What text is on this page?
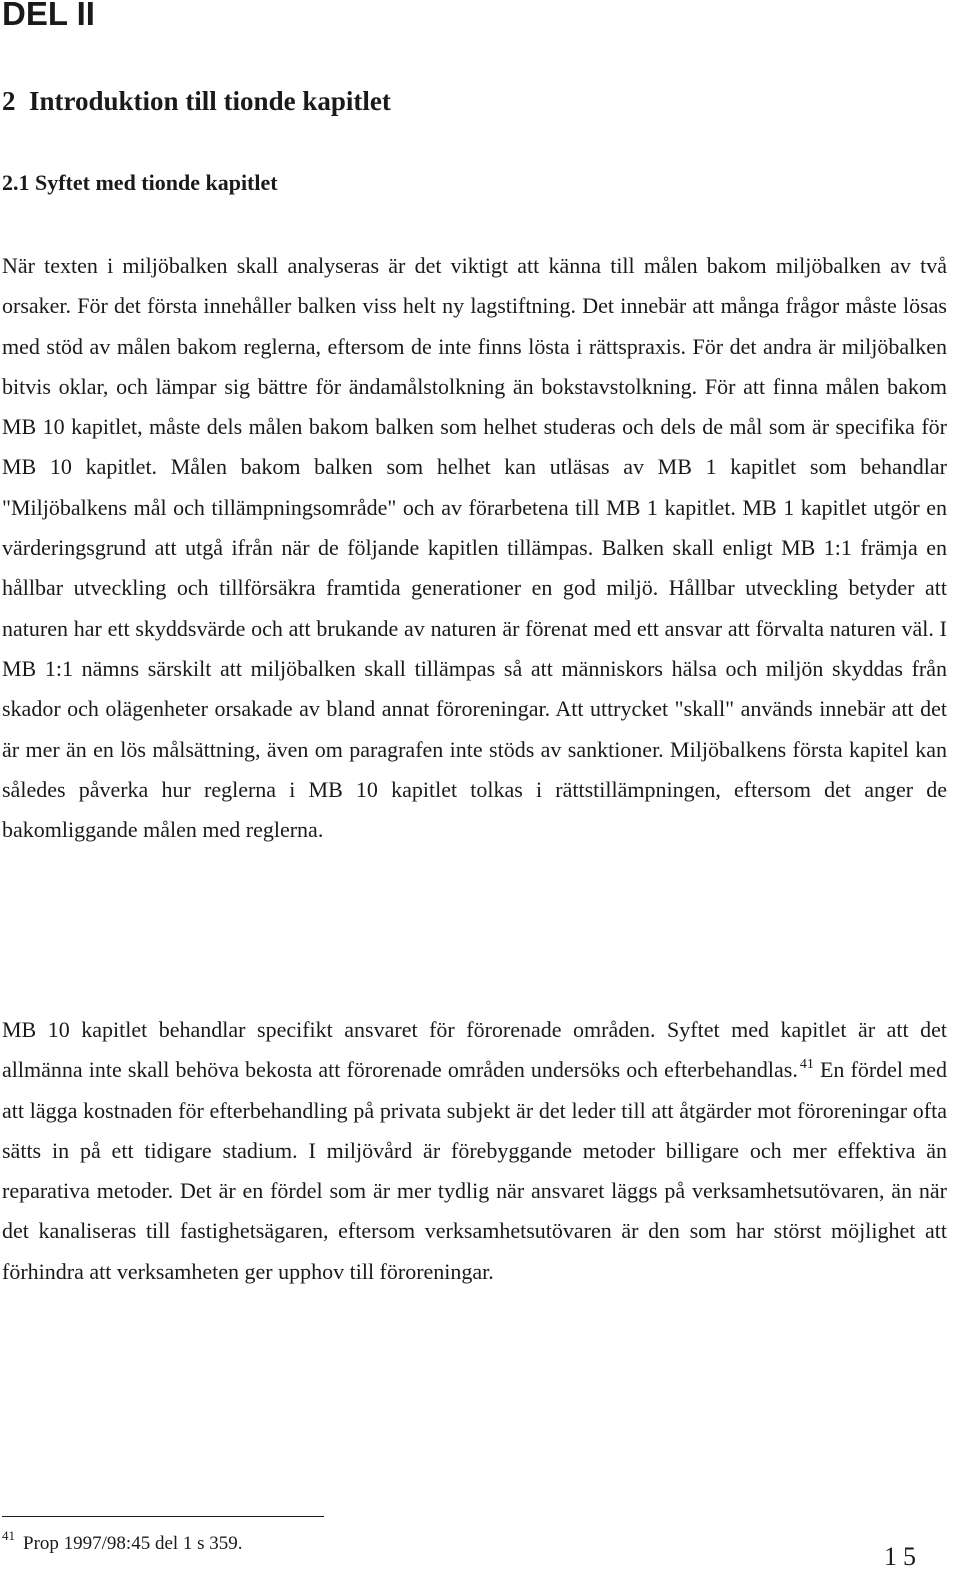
DEL II
2  Introduktion till tionde kapitlet
2.1 Syftet med tionde kapitlet

När texten i miljöbalken skall analyseras är det viktigt att känna till målen bakom miljöbalken av två orsaker. För det första innehåller balken viss helt ny lagstiftning. Det innebär att många frågor måste lösas med stöd av målen bakom reglerna, eftersom de inte finns lösta i rättspraxis. För det andra är miljöbalken bitvis oklar, och lämpar sig bättre för ändamålstolkning än bokstavstolkning. För att finna målen bakom MB 10 kapitlet, måste dels målen bakom balken som helhet studeras och dels de mål som är specifika för MB 10 kapitlet. Målen bakom balken som helhet kan utläsas av MB 1 kapitlet som behandlar "Miljöbalkens mål och tillämpningsområde" och av förarbetena till MB 1 kapitlet. MB 1 kapitlet utgör en värderingsgrund att utgå ifrån när de följande kapitlen tillämpas. Balken skall enligt MB 1:1 främja en hållbar utveckling och tillförsäkra framtida generationer en god miljö. Hållbar utveckling betyder att naturen har ett skyddsvärde och att brukande av naturen är förenat med ett ansvar att förvalta naturen väl. I MB 1:1 nämns särskilt att miljöbalken skall tillämpas så att människors hälsa och miljön skyddas från skador och olägenheter orsakade av bland annat föroreningar. Att uttrycket "skall" används innebär att det är mer än en lös målsättning, även om paragrafen inte stöds av sanktioner. Miljöbalkens första kapitel kan således påverka hur reglerna i MB 10 kapitlet tolkas i rättstillämpningen, eftersom det anger de bakomliggande målen med reglerna.

MB 10 kapitlet behandlar specifikt ansvaret för förorenade områden. Syftet med kapitlet är att det allmänna inte skall behöva bekosta att förorenade områden undersöks och efterbehandlas. $^{41}$ En fördel med att lägga kostnaden för efterbehandling på privata subjekt är det leder till att åtgärder mot föroreningar ofta sätts in på ett tidigare stadium. I miljövård är förebyggande metoder billigare och mer effektiva än reparativa metoder. Det är en fördel som är mer tydlig när ansvaret läggs på verksamhetsutövaren, än när det kanaliseras till fastighetsägaren, eftersom verksamhetsutövaren är den som har störst möjlighet att förhindra att verksamheten ger upphov till föroreningar.

$^{41}$ Prop 1997/98:45 del 1 s 359.	15
